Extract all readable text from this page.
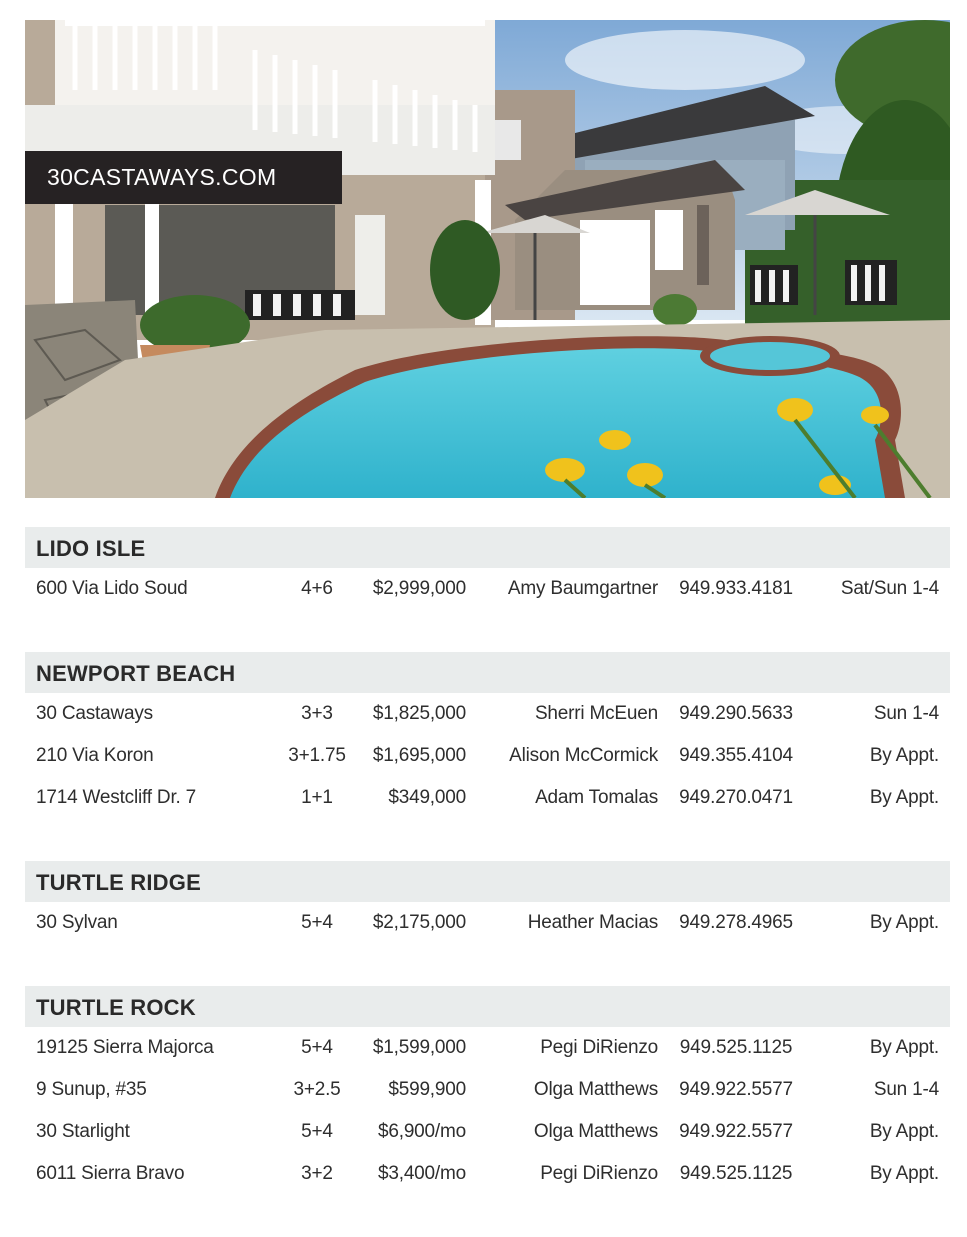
30CASTAWAYS.COM
LIDO ISLE
600 Via Lido Soud	4+6	$2,999,000 Amy Baumgartner	949.933.4181	Sat/Sun 1-4
NEWPORT BEACH
30 Castaways	3+3	$1,825,000	Sherri McEuen	949.290.5633	Sun 1-4
210 Via Koron	3+1.75	$1,695,000 Alison McCormick	949.355.4104	By Appt.
1714 Westcliff Dr. 7	1+1	$349,000	Adam Tomalas	949.270.0471	By Appt.
TURTLE RIDGE
30 Sylvan	5+4	$2,175,000	Heather Macias	949.278.4965	By Appt.
TURTLE ROCK
19125 Sierra Majorca	5+4	$1,599,000	Pegi DiRienzo	949.525.1125	By Appt.
9 Sunup, #35	3+2.5	$599,900	Olga Matthews	949.922.5577	Sun 1-4
30 Starlight	5+4	$6,900/mo	Olga Matthews	949.922.5577	By Appt.
6011 Sierra Bravo	3+2	$3,400/mo	Pegi DiRienzo	949.525.1125	By Appt.
